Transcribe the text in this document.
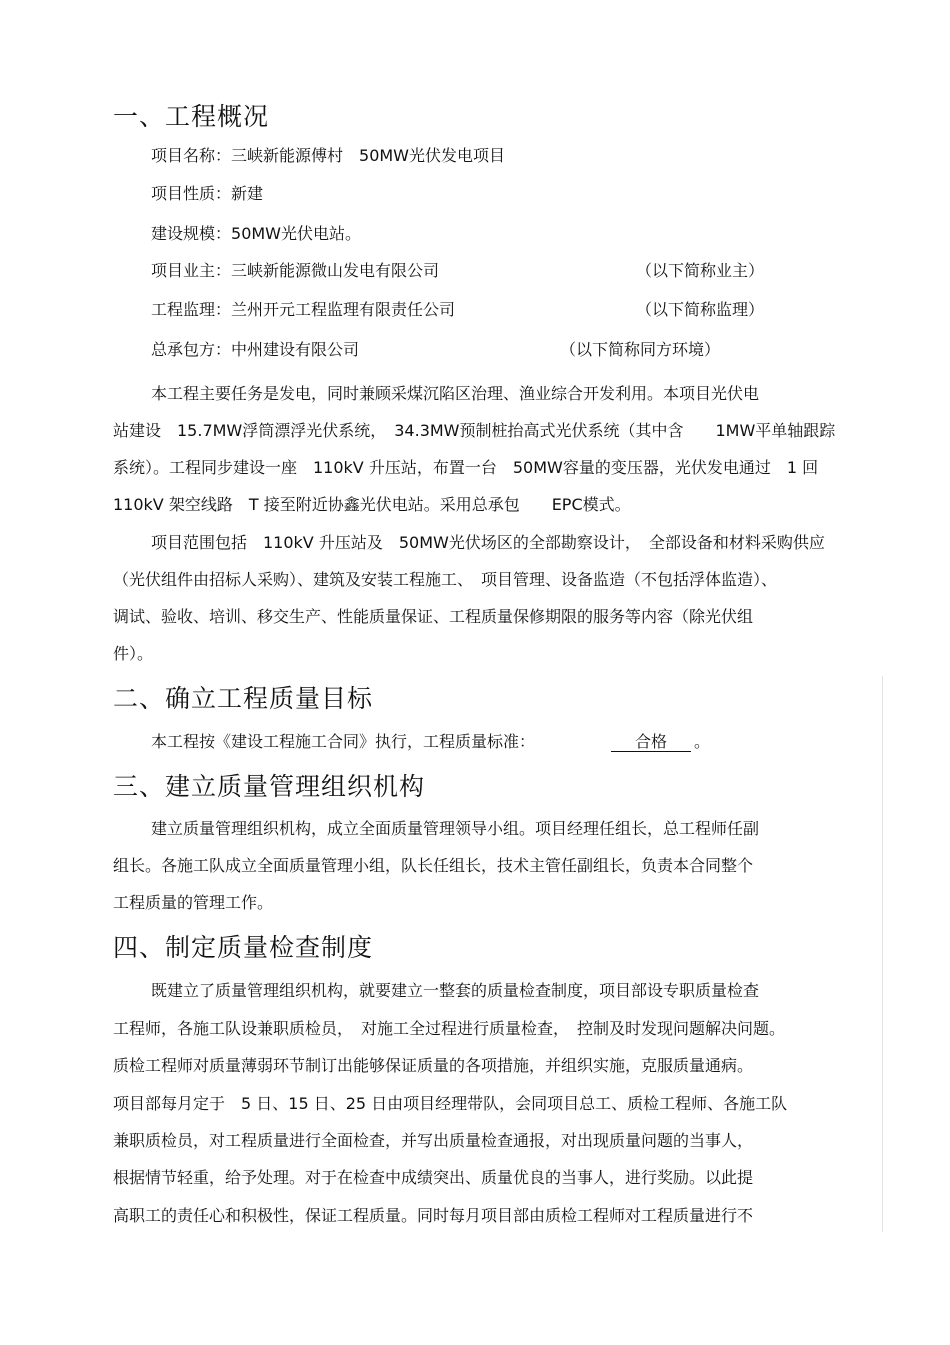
一、工程概况
项目名称：三峡新能源傅村　50MW光伏发电项目
项目性质：新建
建设规模：50MW光伏电站。
项目业主：三峡新能源微山发电有限公司	（以下简称业主）
工程监理：兰州开元工程监理有限责任公司	（以下简称监理）
总承包方：中州建设有限公司	（以下简称同方环境）
本工程主要任务是发电，同时兼顾采煤沉陷区治理、渔业综合开发利用。本项目光伏电
站建设　15.7MW浮筒漂浮光伏系统，　34.3MW预制桩抬高式光伏系统（其中含　　1MW平单轴跟踪
系统）。工程同步建设一座　110kV 升压站，布置一台　50MW容量的变压器，光伏发电通过　1 回
110kV 架空线路　T 接至附近协鑫光伏电站。采用总承包　　EPC模式。
项目范围包括　110kV 升压站及　50MW光伏场区的全部勘察设计，　全部设备和材料采购供应
（光伏组件由招标人采购）、建筑及安装工程施工、　项目管理、设备监造（不包括浮体监造）、
调试、验收、培训、移交生产、性能质量保证、工程质量保修期限的服务等内容（除光伏组
件）。
二、确立工程质量目标
本工程按《建设工程施工合同》执行，工程质量标准：	合格	。
三、建立质量管理组织机构
建立质量管理组织机构，成立全面质量管理领导小组。项目经理任组长，总工程师任副
组长。各施工队成立全面质量管理小组，队长任组长，技术主管任副组长，负责本合同整个
工程质量的管理工作。
四、制定质量检查制度
既建立了质量管理组织机构，就要建立一整套的质量检查制度，项目部设专职质量检查
工程师，各施工队设兼职质检员，　对施工全过程进行质量检查，　控制及时发现问题解决问题。
质检工程师对质量薄弱环节制订出能够保证质量的各项措施，并组织实施，克服质量通病。
项目部每月定于　5 日、15 日、25 日由项目经理带队，会同项目总工、质检工程师、各施工队
兼职质检员，对工程质量进行全面检查，并写出质量检查通报，对出现质量问题的当事人，
根据情节轻重，给予处理。对于在检查中成绩突出、质量优良的当事人，进行奖励。以此提
高职工的责任心和积极性，保证工程质量。同时每月项目部由质检工程师对工程质量进行不
